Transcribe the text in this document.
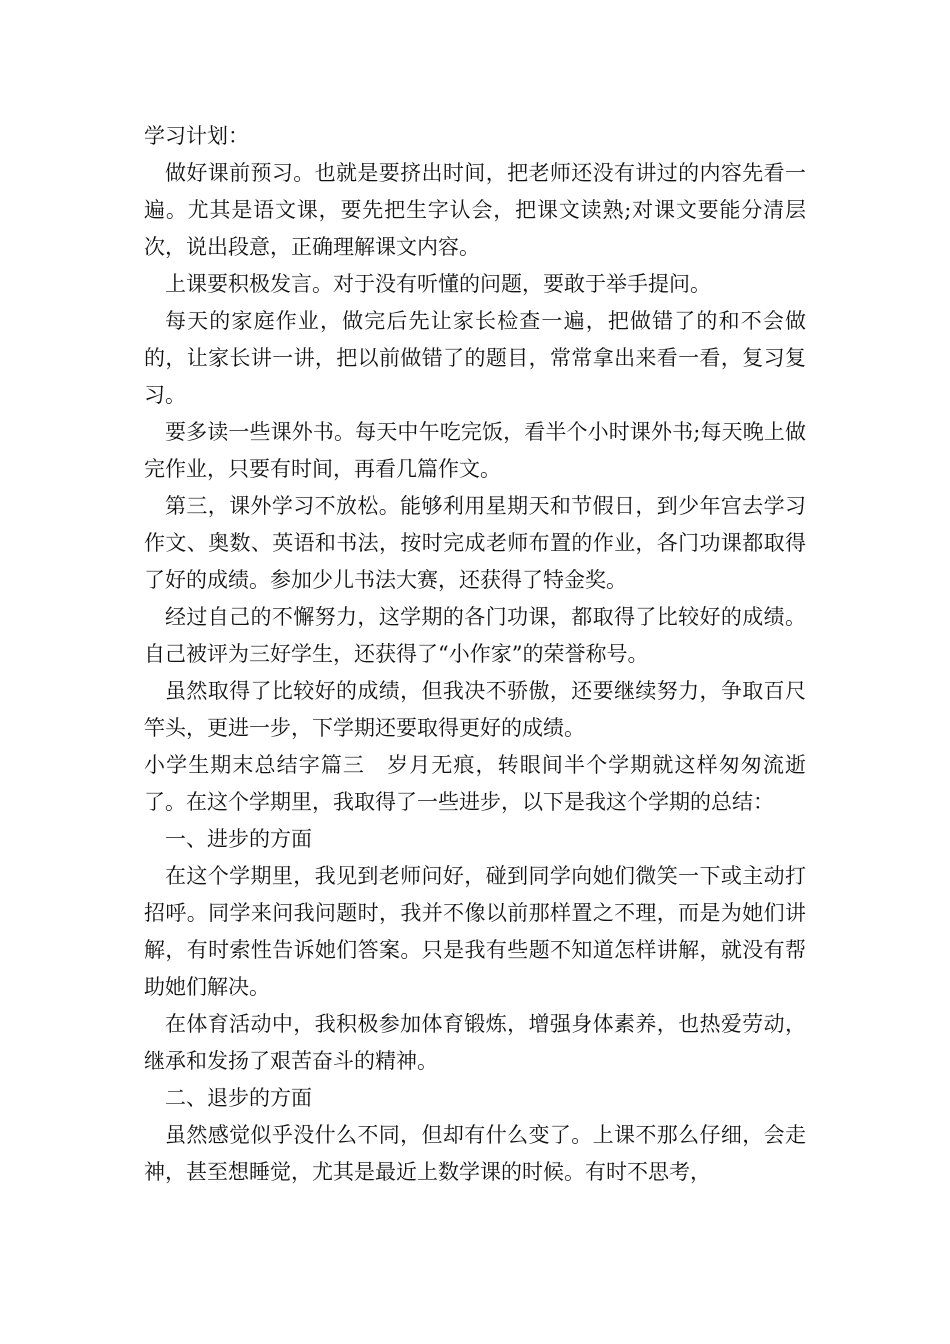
学习计划：

做好课前预习。也就是要挤出时间，把老师还没有讲过的内容先看一遍。尤其是语文课，要先把生字认会，把课文读熟;对课文要能分清层次，说出段意，正确理解课文内容。

上课要积极发言。对于没有听懂的问题，要敢于举手提问。

每天的家庭作业，做完后先让家长检查一遍，把做错了的和不会做的，让家长讲一讲，把以前做错了的题目，常常拿出来看一看，复习复习。

要多读一些课外书。每天中午吃完饭，看半个小时课外书;每天晚上做完作业，只要有时间，再看几篇作文。

第三，课外学习不放松。能够利用星期天和节假日，到少年宫去学习作文、奥数、英语和书法，按时完成老师布置的作业，各门功课都取得了好的成绩。参加少儿书法大赛，还获得了特金奖。

经过自己的不懈努力，这学期的各门功课，都取得了比较好的成绩。自己被评为三好学生，还获得了“小作家”的荣誉称号。

虽然取得了比较好的成绩，但我决不骄傲，还要继续努力，争取百尺竿头，更进一步，下学期还要取得更好的成绩。

小学生期末总结字篇三　岁月无痕，转眼间半个学期就这样匆匆流逝了。在这个学期里，我取得了一些进步，以下是我这个学期的总结：

一、进步的方面

在这个学期里，我见到老师问好，碰到同学向她们微笑一下或主动打招呼。同学来问我问题时，我并不像以前那样置之不理，而是为她们讲解，有时索性告诉她们答案。只是我有些题不知道怎样讲解，就没有帮助她们解决。

在体育活动中，我积极参加体育锻炼，增强身体素养，也热爱劳动，继承和发扬了艰苦奋斗的精神。

二、退步的方面

虽然感觉似乎没什么不同，但却有什么变了。上课不那么仔细，会走神，甚至想睡觉，尤其是最近上数学课的时候。有时不思考，
